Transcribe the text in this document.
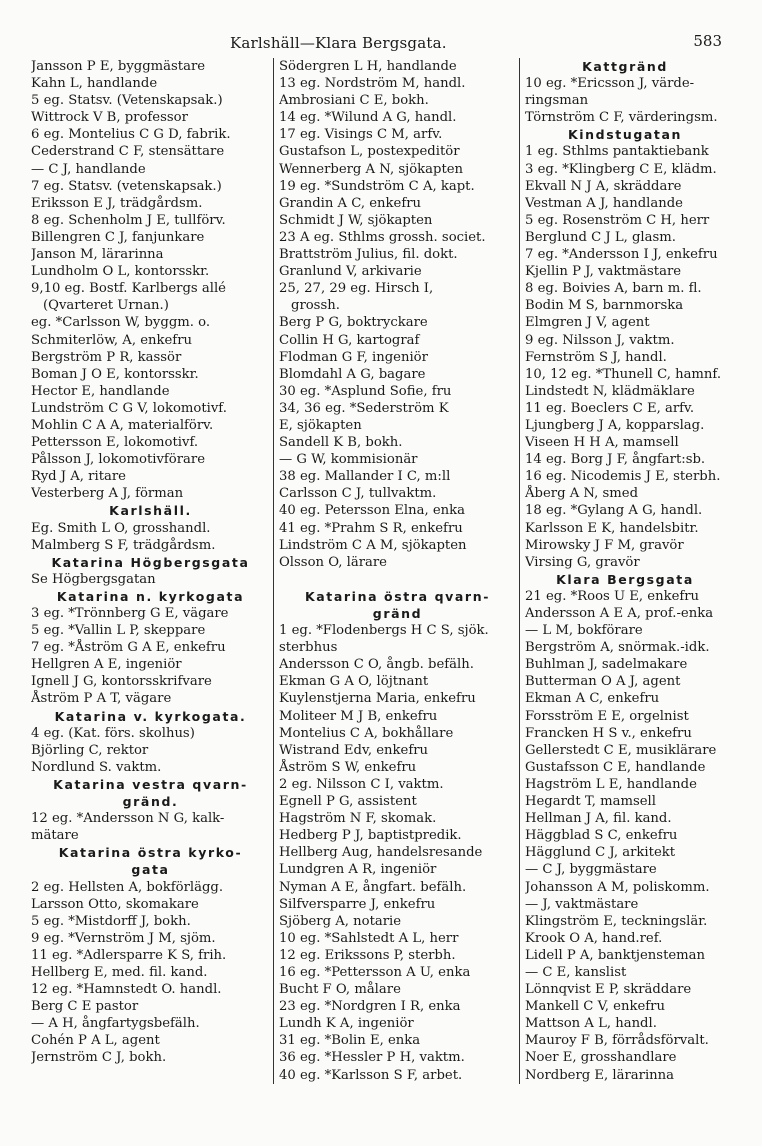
Karlshäll—Klara Bergsgata.	583
Jansson P E, byggmästare
Kahn L, handlande
5 eg. Statsv. (Vetenskapsak.)
Wittrock V B, professor
6 eg. Montelius C G D, fabrik.
Cederstrand C F, stensättare
— C J, handlande
7 eg. Statsv. (vetenskapsak.)
Eriksson E J, trädgårdsm.
8 eg. Schenholm J E, tullförv.
Billengren C J, fanjunkare
Janson M, lärarinna
Lundholm O L, kontorsskr.
9,10 eg. Bostf. Karlbergs allé
(Qvarteret Urnan.)
eg. *Carlsson W, byggm. o.
Schmiterlöw, A, enkefru
Bergström P R, kassör
Boman J O E, kontorsskr.
Hector E, handlande
Lundström C G V, lokomotivf.
Mohlin C A A, materialförv.
Pettersson E, lokomotivf.
Pålsson J, lokomotivförare
Ryd J A, ritare
Vesterberg A J, förman
Karlshäll.
Eg. Smith L O, grosshandl.
Malmberg S F, trädgårdsm.
Katarina Högbergsgata
Se Högbergsgatan
Katarina n. kyrkogata
3 eg. *Trönnberg G E, vägare
5 eg. *Vallin L P, skeppare
7 eg. *Åström G A E, enkefru
Hellgren A E, ingeniör
Ignell J G, kontorsskrifvare
Åström P A T, vägare
Katarina v. kyrkogata.
4 eg. (Kat. förs. skolhus)
Björling C, rektor
Nordlund S. vaktm.
Katarina vestra qvarn-
gränd.
12 eg. *Andersson N G, kalk-
mätare
Katarina östra kyrko-
gata
2 eg. Hellsten A, bokförlägg.
Larsson Otto, skomakare
5 eg. *Mistdorff J, bokh.
9 eg. *Vernström J M, sjöm.
11 eg. *Adlersparre K S, frih.
Hellberg E, med. fil. kand.
12 eg. *Hamnstedt O. handl.
Berg C E pastor
— A H, ångfartygsbefälh.
Cohén P A L, agent
Jernström C J, bokh.
Södergren L H, handlande
13 eg. Nordström M, handl.
Ambrosiani C E, bokh.
14 eg. *Wilund A G, handl.
17 eg. Visings C M, arfv.
Gustafson L, postexpeditör
Wennerberg A N, sjökapten
19 eg. *Sundström C A, kapt.
Grandin A C, enkefru
Schmidt J W, sjökapten
23 A eg. Sthlms grossh. societ.
Brattström Julius, fil. dokt.
Granlund V, arkivarie
25, 27, 29 eg. Hirsch I,
grossh.
Berg P G, boktryckare
Collin H G, kartograf
Flodman G F, ingeniör
Blomdahl A G, bagare
30 eg. *Asplund Sofie, fru
34, 36 eg. *Sederström K
E, sjökapten
Sandell K B, bokh.
— G W, kommisionär
38 eg. Mallander I C, m:ll
Carlsson C J, tullvaktm.
40 eg. Petersson Elna, enka
41 eg. *Prahm S R, enkefru
Lindström C A M, sjökapten
Olsson O, lärare

Katarina östra qvarn-
gränd
1 eg. *Flodenbergs H C S, sjök.
sterbhus
Andersson C O, ångb. befälh.
Ekman G A O, löjtnant
Kuylenstjerna Maria, enkefru
Moliteer M J B, enkefru
Montelius C A, bokhållare
Wistrand Edv, enkefru
Åström S W, enkefru
2 eg. Nilsson C I, vaktm.
Egnell P G, assistent
Hagström N F, skomak.
Hedberg P J, baptistpredik.
Hellberg Aug, handelsresande
Lundgren A R, ingeniör
Nyman A E, ångfart. befälh.
Silfversparre J, enkefru
Sjöberg A, notarie
10 eg. *Sahlstedt A L, herr
12 eg. Erikssons P, sterbh.
16 eg. *Pettersson A U, enka
Bucht F O, målare
23 eg. *Nordgren I R, enka
Lundh K A, ingeniör
31 eg. *Bolin E, enka
36 eg. *Hessler P H, vaktm.
40 eg. *Karlsson S F, arbet.
Kattgränd
10 eg. *Ericsson J, värde-
ringsman
Törnström C F, värderingsm.
Kindstugatan
1 eg. Sthlms pantaktiebank
3 eg. *Klingberg C E, klädm.
Ekvall N J A, skräddare
Vestman A J, handlande
5 eg. Rosenström C H, herr
Berglund C J L, glasm.
7 eg. *Andersson I J, enkefru
Kjellin P J, vaktmästare
8 eg. Boivies A, barn m. fl.
Bodin M S, barnmorska
Elmgren J V, agent
9 eg. Nilsson J, vaktm.
Fernström S J, handl.
10, 12 eg. *Thunell C, hamnf.
Lindstedt N, klädmäklare
11 eg. Boeclers C E, arfv.
Ljungberg J A, kopparslag.
Viseen H H A, mamsell
14 eg. Borg J F, ångfart:sb.
16 eg. Nicodemis J E, sterbh.
Åberg A N, smed
18 eg. *Gylang A G, handl.
Karlsson E K, handelsbitr.
Mirowsky J F M, gravör
Virsing G, gravör
Klara Bergsgata
21 eg. *Roos U E, enkefru
Andersson A E A, prof.-enka
— L M, bokförare
Bergström A, snörmak.-idk.
Buhlman J, sadelmakare
Butterman O A J, agent
Ekman A C, enkefru
Forsström E E, orgelnist
Francken H S v., enkefru
Gellerstedt C E, musiklärare
Gustafsson C E, handlande
Hagström L E, handlande
Hegardt T, mamsell
Hellman J A, fil. kand.
Häggblad S C, enkefru
Hägglund C J, arkitekt
— C J, byggmästare
Johansson A M, poliskomm.
— J, vaktmästare
Klingström E, teckningslär.
Krook O A, hand.ref.
Lidell P A, banktjensteman
— C E, kanslist
Lönnqvist E P, skräddare
Mankell C V, enkefru
Mattson A L, handl.
Mauroy F B, förrådsförvalt.
Noer E, grosshandlare
Nordberg E, lärarinna
